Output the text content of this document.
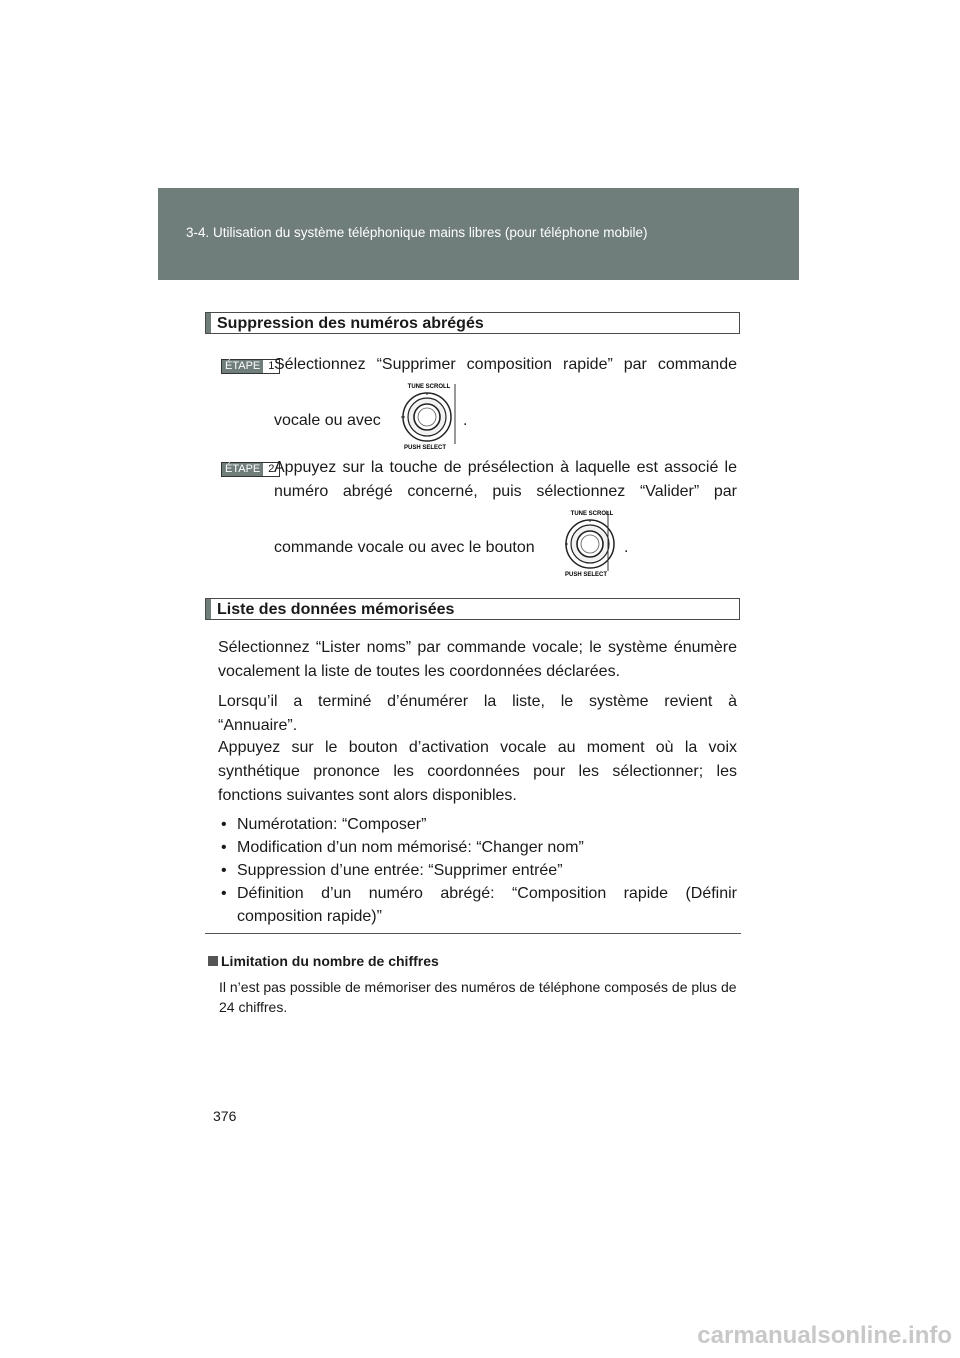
3-4. Utilisation du système téléphonique mains libres (pour téléphone mobile)
Suppression des numéros abrégés
ÉTAPE 1 Sélectionnez “Supprimer composition rapide” par commande
vocale ou avec
TUNE SCROLL
PUSH SELECT
.
ÉTAPE 2 Appuyez sur la touche de présélection à laquelle est associé le numéro abrégé concerné, puis sélectionnez “Valider” par
commande vocale ou avec le bouton
TUNE SCROLL
PUSH SELECT
.
Liste des données mémorisées
Sélectionnez “Lister noms” par commande vocale; le système énumère vocalement la liste de toutes les coordonnées déclarées.
Lorsqu’il a terminé d’énumérer la liste, le système revient à
“Annuaire”.
Appuyez sur le bouton d’activation vocale au moment où la voix synthétique prononce les coordonnées pour les sélectionner; les fonctions suivantes sont alors disponibles.
• Numérotation: “Composer”
• Modification d’un nom mémorisé: “Changer nom”
• Suppression d’une entrée: “Supprimer entrée”
• Définition d’un numéro abrégé: “Composition rapide (Définir composition rapide)”
Limitation du nombre de chiffres
Il n’est pas possible de mémoriser des numéros de téléphone composés de plus de 24 chiffres.
376
carmanualsonline.info
